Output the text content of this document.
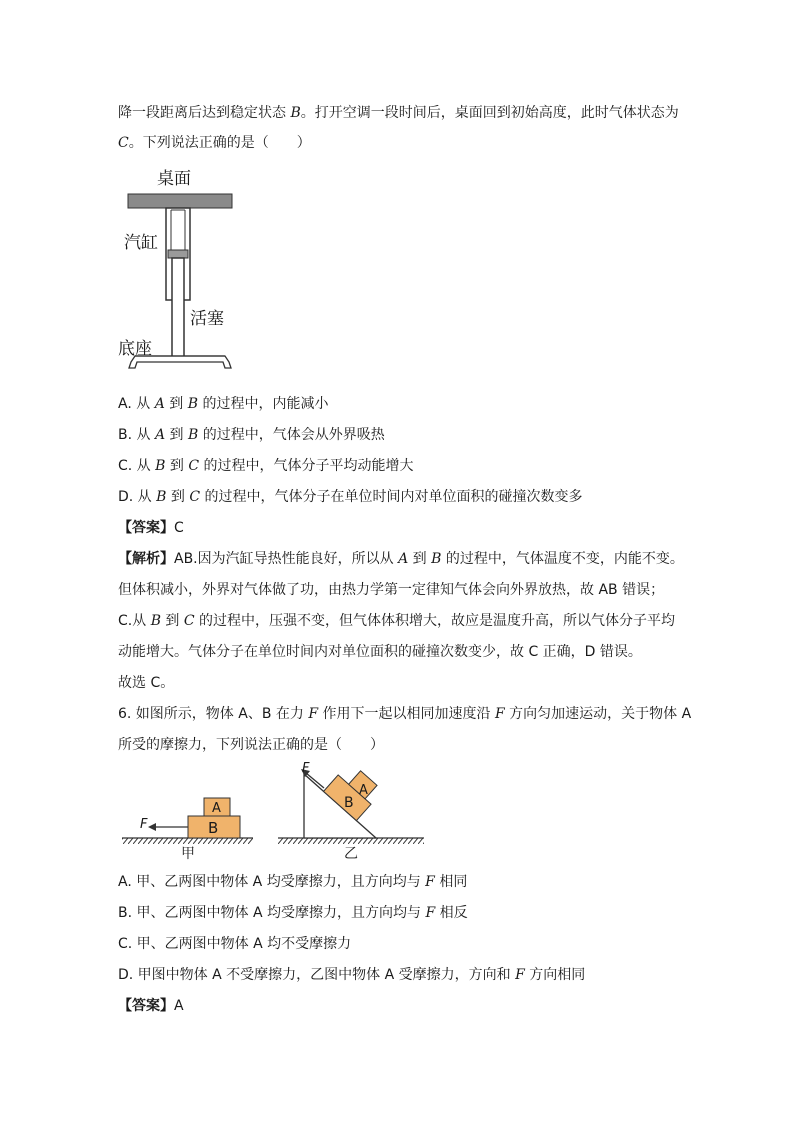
降一段距离后达到稳定状态 B。打开空调一段时间后，桌面回到初始高度，此时气体状态为
C。下列说法正确的是（　　）
桌面
汽缸
活塞
底座
A. 从 A 到 B 的过程中，内能减小
B. 从 A 到 B 的过程中，气体会从外界吸热
C. 从 B 到 C 的过程中，气体分子平均动能增大
D. 从 B 到 C 的过程中，气体分子在单位时间内对单位面积的碰撞次数变多
【答案】C
【解析】AB.因为汽缸导热性能良好，所以从 A 到 B 的过程中，气体温度不变，内能不变。
但体积减小，外界对气体做了功，由热力学第一定律知气体会向外界放热，故 AB 错误；
C.从 B 到 C 的过程中，压强不变，但气体体积增大，故应是温度升高，所以气体分子平均
动能增大。气体分子在单位时间内对单位面积的碰撞次数变少，故 C 正确，D 错误。
故选 C。
6. 如图所示，物体 A、B 在力 F 作用下一起以相同加速度沿 F 方向匀加速运动，关于物体 A
所受的摩擦力，下列说法正确的是（　　）
B
A
F
甲
B
A
F
乙
A. 甲、乙两图中物体 A 均受摩擦力，且方向均与 F 相同
B. 甲、乙两图中物体 A 均受摩擦力，且方向均与 F 相反
C. 甲、乙两图中物体 A 均不受摩擦力
D. 甲图中物体 A 不受摩擦力，乙图中物体 A 受摩擦力，方向和 F 方向相同
【答案】A
